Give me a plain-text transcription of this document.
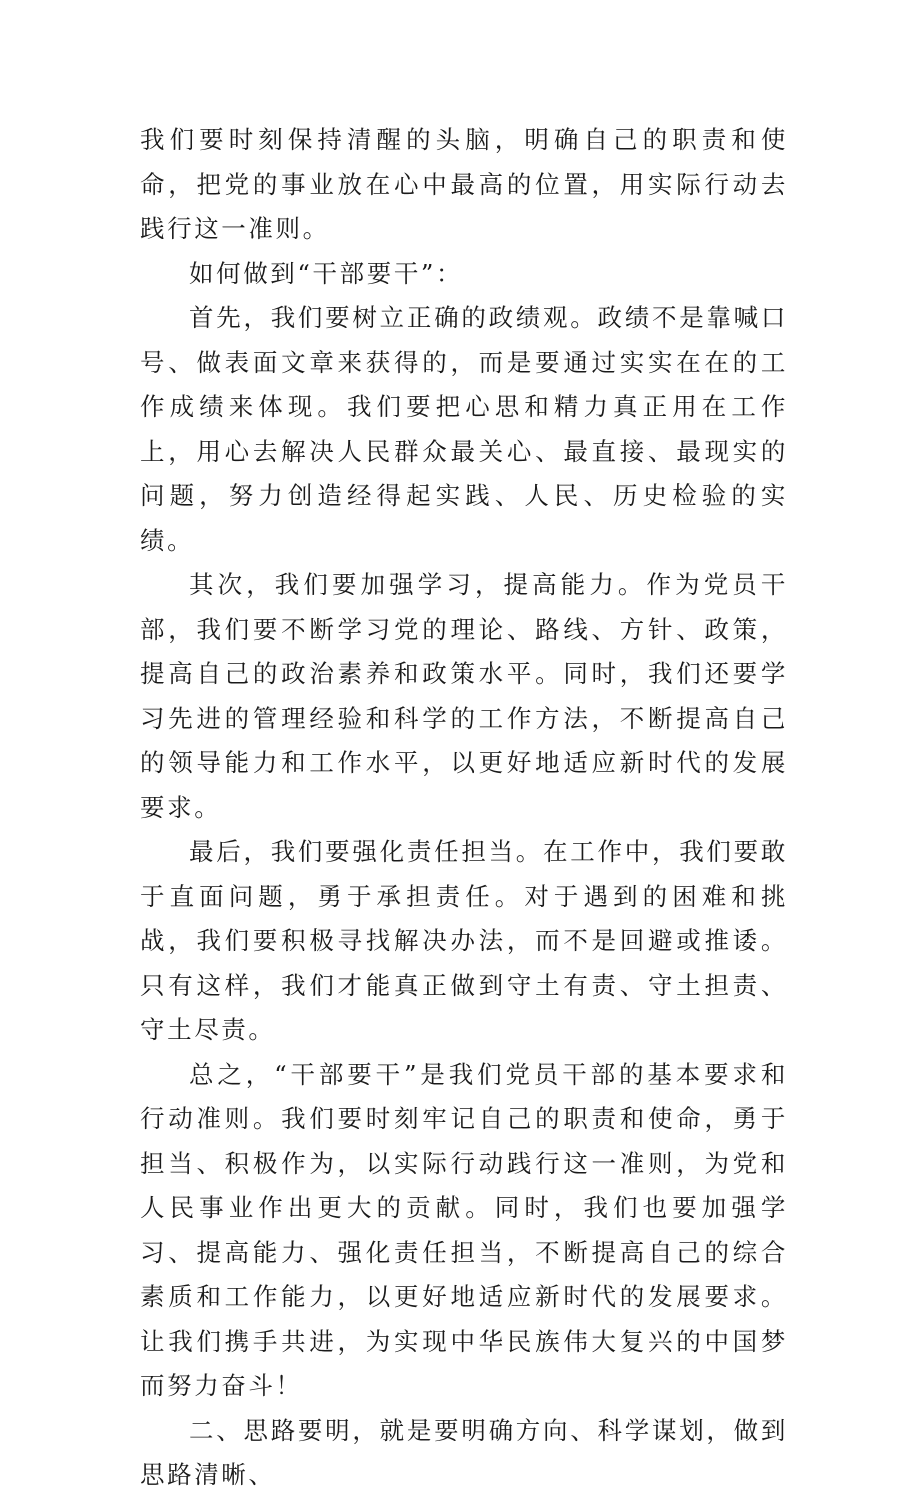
我们要时刻保持清醒的头脑，明确自己的职责和使命，把党的事业放在心中最高的位置，用实际行动去践行这一准则。

如何做到“干部要干”：

首先，我们要树立正确的政绩观。政绩不是靠喊口号、做表面文章来获得的，而是要通过实实在在的工作成绩来体现。我们要把心思和精力真正用在工作上，用心去解决人民群众最关心、最直接、最现实的问题，努力创造经得起实践、人民、历史检验的实绩。

其次，我们要加强学习，提高能力。作为党员干部，我们要不断学习党的理论、路线、方针、政策，提高自己的政治素养和政策水平。同时，我们还要学习先进的管理经验和科学的工作方法，不断提高自己的领导能力和工作水平，以更好地适应新时代的发展要求。

最后，我们要强化责任担当。在工作中，我们要敢于直面问题，勇于承担责任。对于遇到的困难和挑战，我们要积极寻找解决办法，而不是回避或推诿。只有这样，我们才能真正做到守土有责、守土担责、守土尽责。

总之，“干部要干”是我们党员干部的基本要求和行动准则。我们要时刻牢记自己的职责和使命，勇于担当、积极作为，以实际行动践行这一准则，为党和人民事业作出更大的贡献。同时，我们也要加强学习、提高能力、强化责任担当，不断提高自己的综合素质和工作能力，以更好地适应新时代的发展要求。让我们携手共进，为实现中华民族伟大复兴的中国梦而努力奋斗！

二、思路要明，就是要明确方向、科学谋划，做到思路清晰、
